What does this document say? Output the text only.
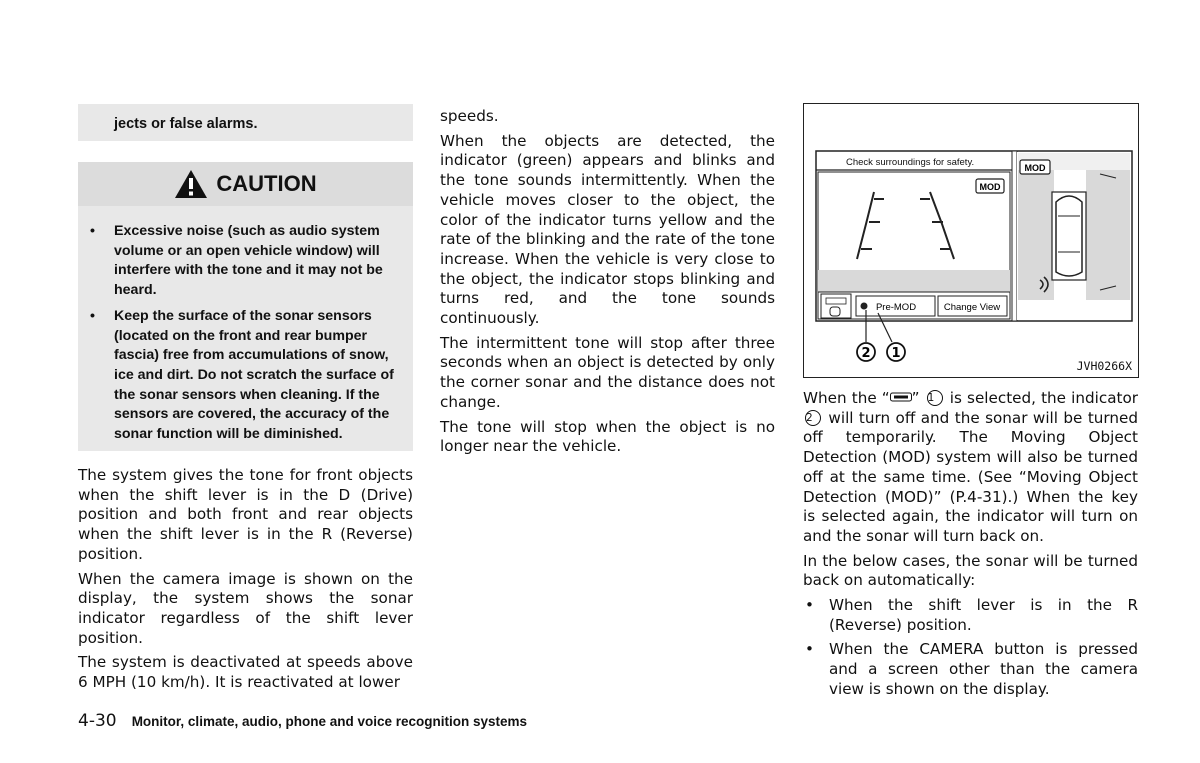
jects or false alarms.
CAUTION
• Excessive noise (such as audio system volume or an open vehicle window) will interfere with the tone and it may not be heard.
• Keep the surface of the sonar sensors (located on the front and rear bumper fascia) free from accumulations of snow, ice and dirt. Do not scratch the surface of the sonar sensors when cleaning. If the sensors are covered, the accuracy of the sonar function will be diminished.

The system gives the tone for front objects when the shift lever is in the D (Drive) position and both front and rear objects when the shift lever is in the R (Reverse) position.

When the camera image is shown on the display, the system shows the sonar indicator regardless of the shift lever position.

The system is deactivated at speeds above 6 MPH (10 km/h). It is reactivated at lower

speeds.

When the objects are detected, the indicator (green) appears and blinks and the tone sounds intermittently. When the vehicle moves closer to the object, the color of the indicator turns yellow and the rate of the blinking and the rate of the tone increase. When the vehicle is very close to the object, the indicator stops blinking and turns red, and the tone sounds continuously.

The intermittent tone will stop after three seconds when an object is detected by only the corner sonar and the distance does not change.

The tone will stop when the object is no longer near the vehicle.

Check surroundings for safety.
MOD
Pre-MOD	Change View
MOD
2 1
JVH0266X

When the “ ” 1 is selected, the indicator 2 will turn off and the sonar will be turned off temporarily. The Moving Object Detection (MOD) system will also be turned off at the same time. (See “Moving Object Detection (MOD)” (P.4-31).) When the key is selected again, the indicator will turn on and the sonar will turn back on.

In the below cases, the sonar will be turned back on automatically:

• When the shift lever is in the R (Reverse) position.
• When the CAMERA button is pressed and a screen other than the camera view is shown on the display.
4-30 Monitor, climate, audio, phone and voice recognition systems
